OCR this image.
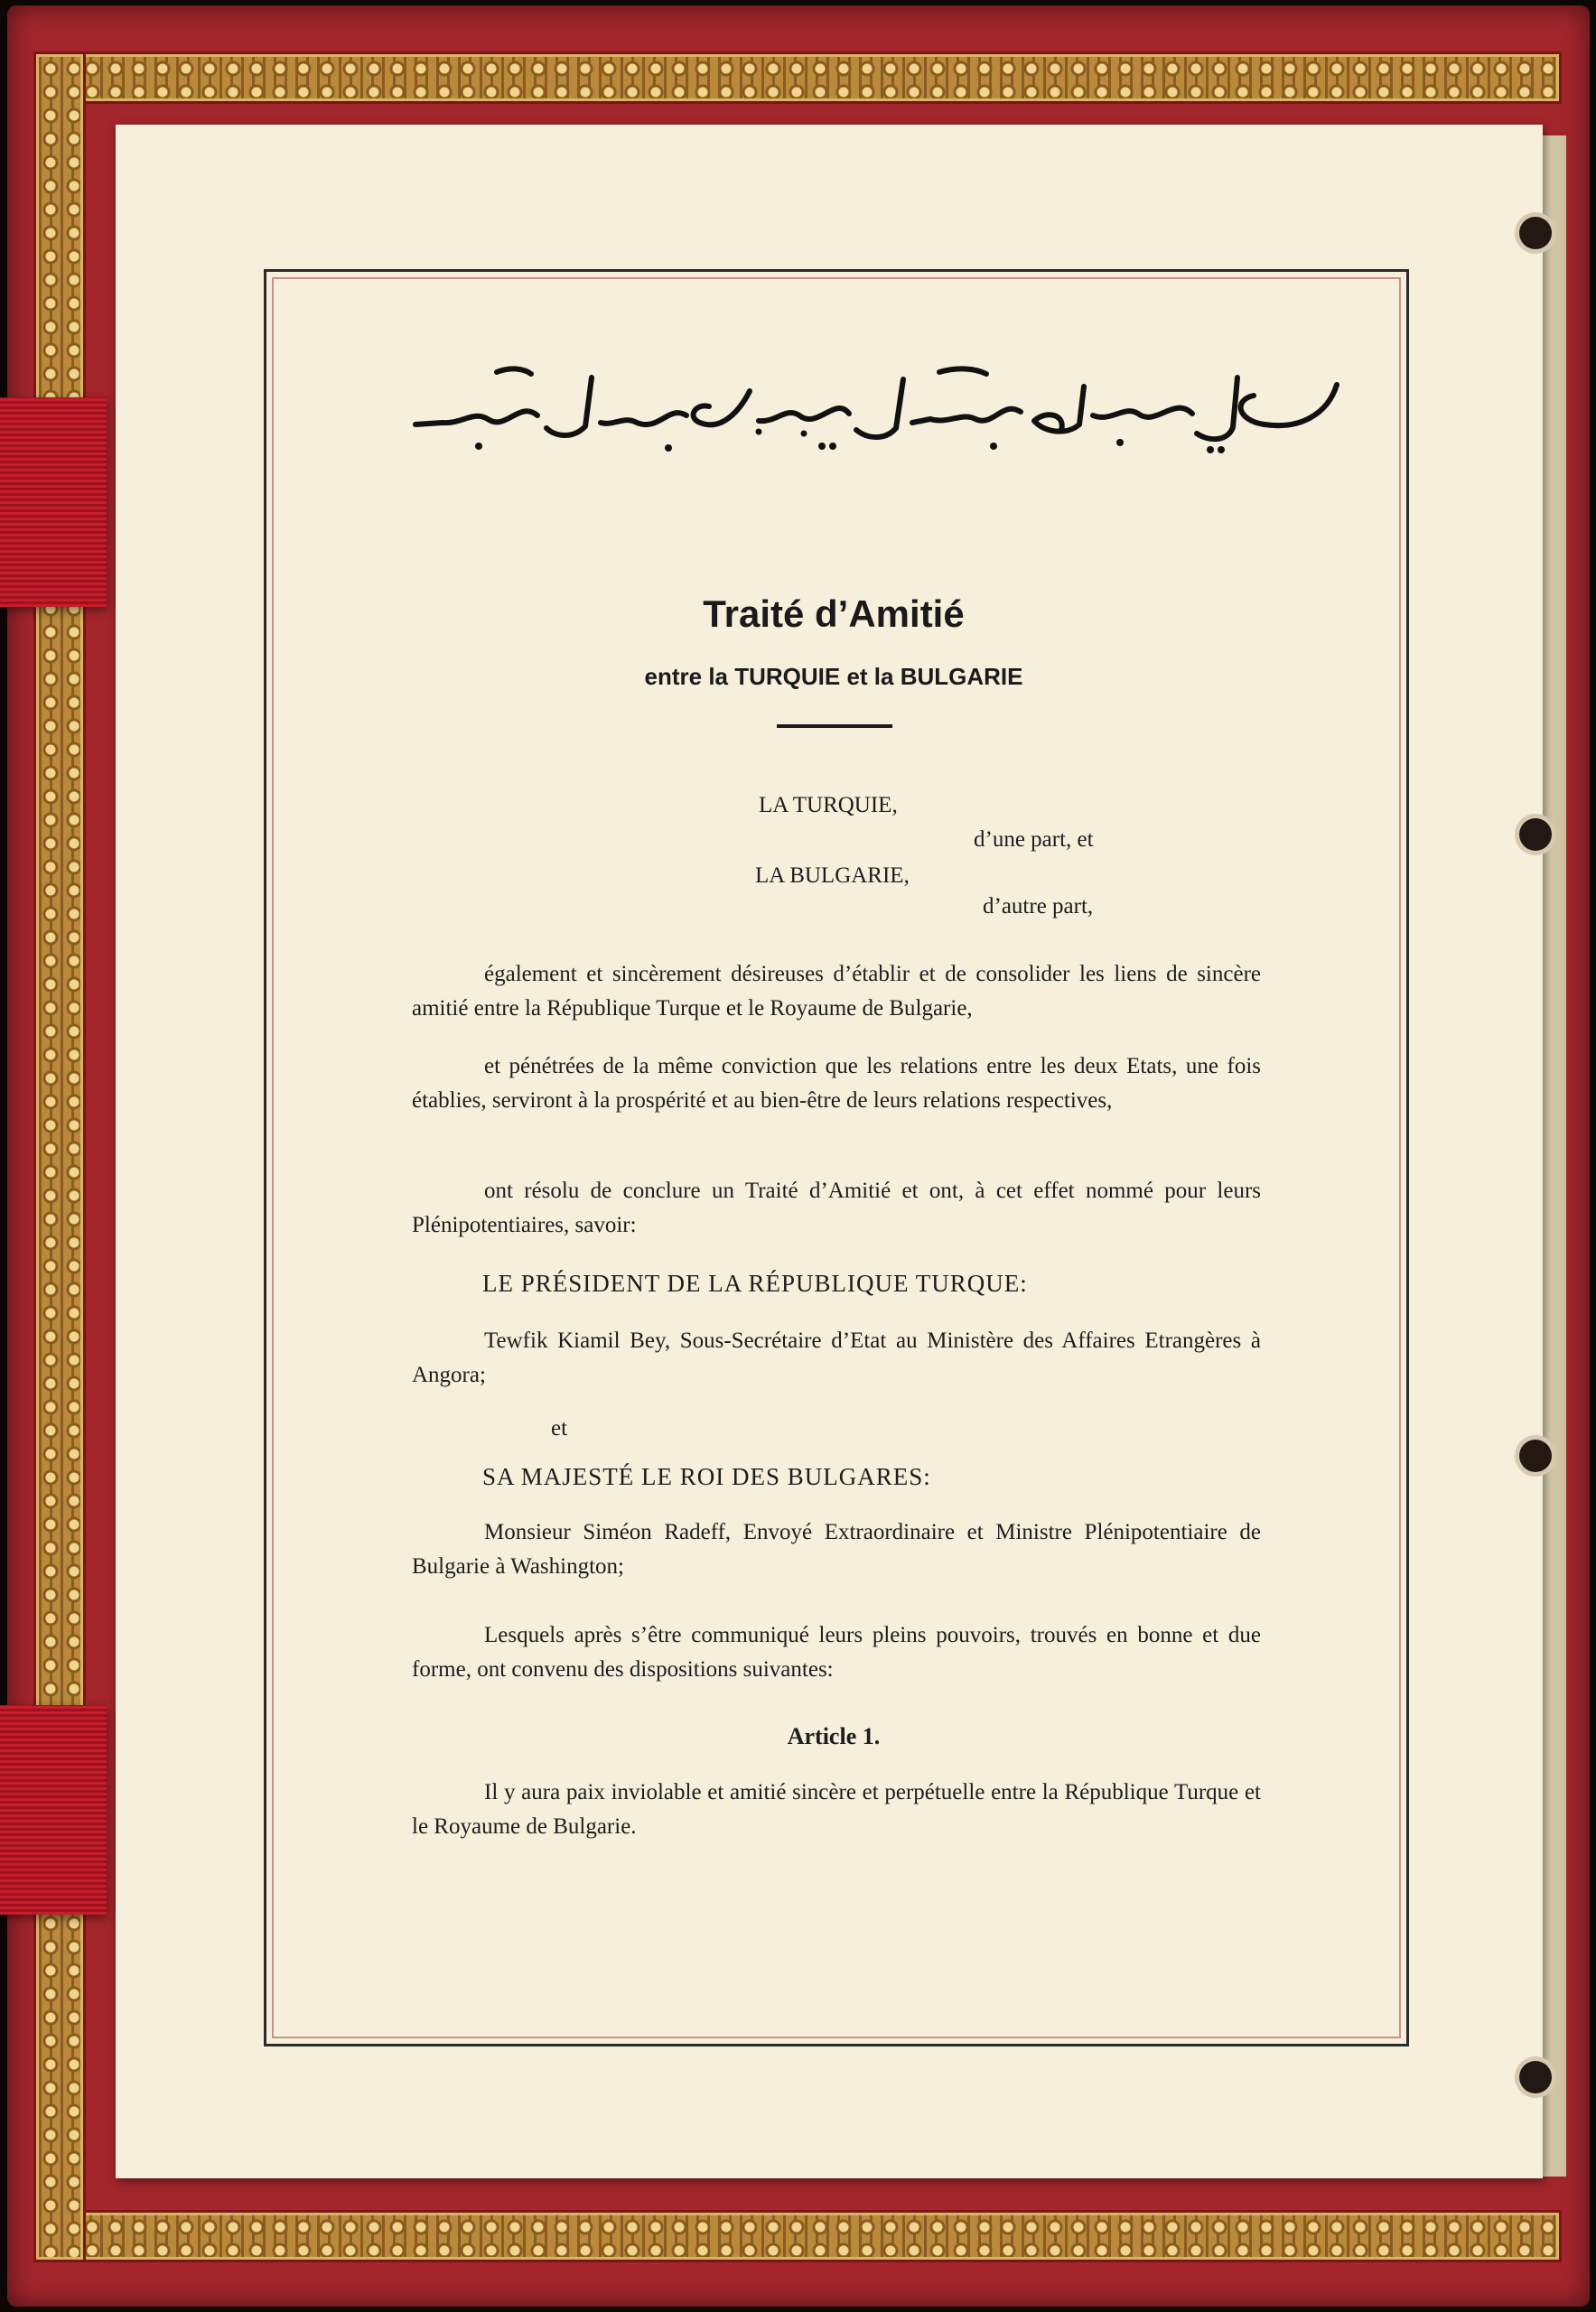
Traité d’Amitié
entre la TURQUIE et la BULGARIE
LA TURQUIE,
d’une part, et
LA BULGARIE,
d’autre part,
également et sincèrement désireuses d’établir et de consolider les liens de sincère amitié entre la République Turque et le Royaume de Bulgarie,
et pénétrées de la même conviction que les relations entre les deux Etats, une fois établies, serviront à la prospérité et au bien-être de leurs relations respectives,
ont résolu de conclure un Traité d’Amitié et ont, à cet effet nommé pour leurs Plénipotentiaires, savoir:
LE PRÉSIDENT DE LA RÉPUBLIQUE TURQUE:
Tewfik Kiamil Bey, Sous-Secrétaire d’Etat au Ministère des Affaires Etrangères à Angora;
et
SA MAJESTÉ LE ROI DES BULGARES:
Monsieur Siméon Radeff, Envoyé Extraordinaire et Ministre Plénipotentiaire de Bulgarie à Washington;
Lesquels après s’être communiqué leurs pleins pouvoirs, trouvés en bonne et due forme, ont convenu des dispositions suivantes:
Article 1.
Il y aura paix inviolable et amitié sincère et perpétuelle entre la République Turque et le Royaume de Bulgarie.
